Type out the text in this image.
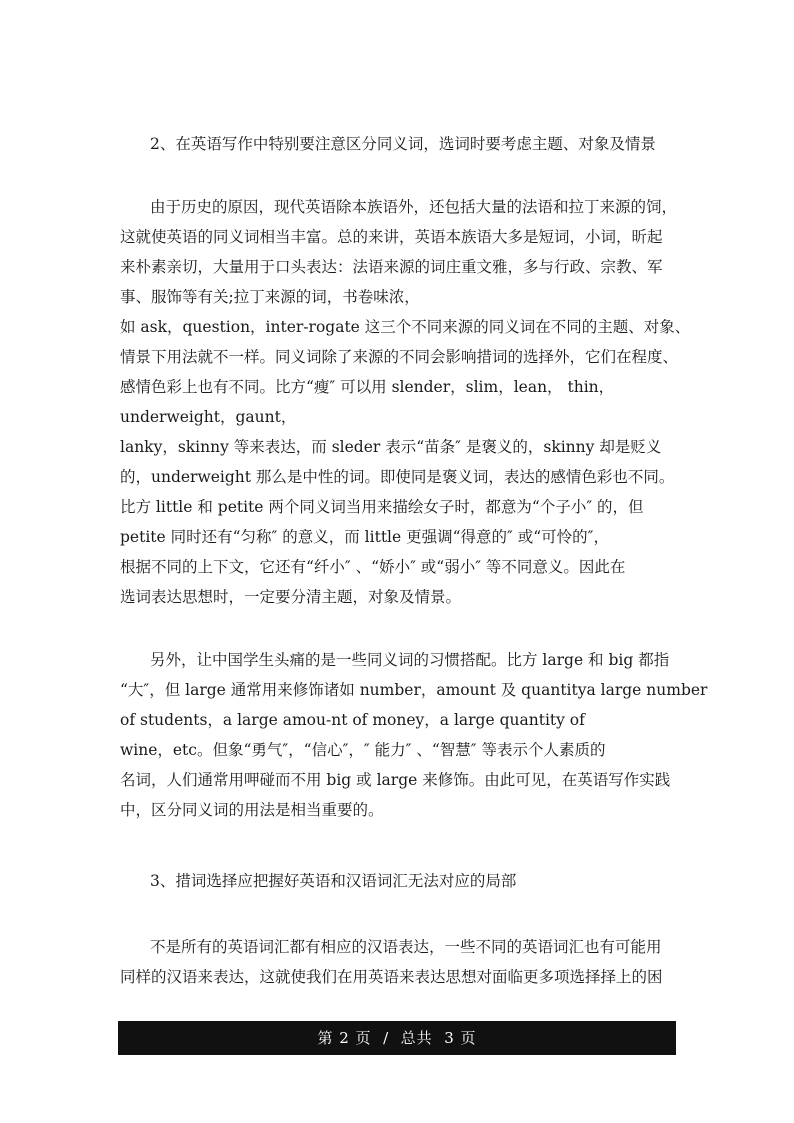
2、在英语写作中特别要注意区分同义词，选词时要考虑主题、对象及情景
由于历史的原因，现代英语除本族语外，还包括大量的法语和拉丁来源的饲，
这就使英语的同义词相当丰富。总的来讲，英语本族语大多是短词，小词，昕起
来朴素亲切，大量用于口头表达：法语来源的词庄重文雅，多与行政、宗教、军
事、服饰等有关;拉丁来源的词，书卷味浓，
如 ask，question，inter-rogate 这三个不同来源的同义词在不同的主题、对象、
情景下用法就不一样。同义词除了来源的不同会影响措词的选择外，它们在程度、
感情色彩上也有不同。比方“瘦″ 可以用 slender，slim，lean， thin，
underweight，gaunt，
lanky，skinny 等来表达，而 sleder 表示“苗条″ 是褒义的，skinny 却是贬义
的，underweight 那么是中性的词。即使同是褒义词，表达的感情色彩也不同。
比方 little 和 petite 两个同义词当用来描绘女子时，都意为“个子小″ 的，但
petite 同时还有“匀称″ 的意义，而 little 更强调“得意的″ 或“可怜的″，
根据不同的上下文，它还有“纤小″ 、“娇小″ 或“弱小″ 等不同意义。因此在
选词表达思想时，一定要分清主题，对象及情景。
另外，让中国学生头痛的是一些同义词的习惯搭配。比方 large 和 big 都指
“大″，但 large 通常用来修饰诸如 number，amount 及 quantitya large number
of students，a large amou-nt of money，a large quantity of
wine，etc。但象“勇气″，“信心″，″ 能力″ 、“智慧″ 等表示个人素质的
名词，人们通常用呷碰而不用 big 或 large 来修饰。由此可见，在英语写作实践
中，区分同义词的用法是相当重要的。
3、措词选择应把握好英语和汉语词汇无法对应的局部
不是所有的英语词汇都有相应的汉语表达，一些不同的英语词汇也有可能用
同样的汉语来表达，这就使我们在用英语来表达思想对面临更多项选择择上的困
第 2 页  /  总共  3 页
